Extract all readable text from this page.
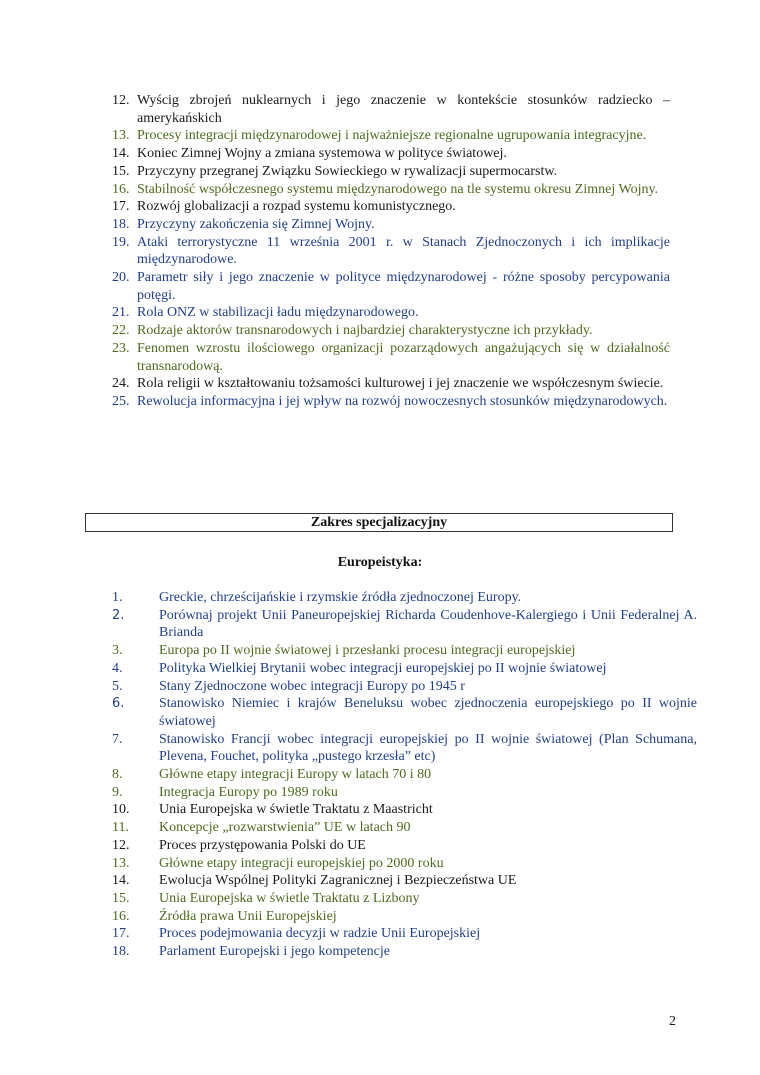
12. Wyścig zbrojeń nuklearnych i jego znaczenie w kontekście stosunków radziecko – amerykańskich
13. Procesy integracji międzynarodowej i najważniejsze regionalne ugrupowania integracyjne.
14. Koniec Zimnej Wojny a zmiana systemowa w polityce światowej.
15. Przyczyny przegranej Związku Sowieckiego w rywalizacji supermocarstw.
16. Stabilność współczesnego systemu międzynarodowego na tle systemu okresu Zimnej Wojny.
17. Rozwój globalizacji a rozpad systemu komunistycznego.
18. Przyczyny zakończenia się Zimnej Wojny.
19. Ataki terrorystyczne 11 września 2001 r. w Stanach Zjednoczonych i ich implikacje międzynarodowe.
20. Parametr siły i jego znaczenie w polityce międzynarodowej - różne sposoby percypowania potęgi.
21. Rola ONZ w stabilizacji ładu międzynarodowego.
22. Rodzaje aktorów transnarodowych i najbardziej charakterystyczne ich przykłady.
23. Fenomen wzrostu ilościowego organizacji pozarządowych angażujących się w działalność transnarodową.
24. Rola religii w kształtowaniu tożsamości kulturowej i jej znaczenie we współczesnym świecie.
25. Rewolucja informacyjna i jej wpływ na rozwój nowoczesnych stosunków międzynarodowych.
Zakres specjalizacyjny
Europeistyka:
1.	Greckie, chrześcijańskie i rzymskie źródła zjednoczonej Europy.
2.	Porównaj projekt Unii Paneuropejskiej Richarda Coudenhove-Kalergiego i Unii Federalnej A. Brianda
3.	Europa po II wojnie światowej i przesłanki procesu integracji europejskiej
4.	Polityka Wielkiej Brytanii wobec integracji europejskiej po II wojnie światowej
5.	Stany Zjednoczone wobec integracji Europy po 1945 r
6.	Stanowisko Niemiec i krajów Beneluksu wobec zjednoczenia europejskiego po II wojnie światowej
7.	Stanowisko Francji wobec integracji europejskiej po II wojnie światowej (Plan Schumana, Plevena, Fouchet, polityka „pustego krzesła” etc)
8.	Główne etapy integracji Europy w latach 70 i 80
9.	Integracja Europy po 1989 roku
10.	Unia Europejska w świetle Traktatu z Maastricht
11.	Koncepcje „rozwarstwienia” UE w latach 90
12.	Proces przystępowania Polski do UE
13.	Główne etapy integracji europejskiej po 2000 roku
14.	Ewolucja Wspólnej Polityki Zagranicznej i Bezpieczeństwa UE
15.	Unia Europejska w świetle Traktatu z Lizbony
16.	Źródła prawa Unii Europejskiej
17.	Proces podejmowania decyzji w radzie Unii Europejskiej
18.	Parlament Europejski i jego kompetencje
2
